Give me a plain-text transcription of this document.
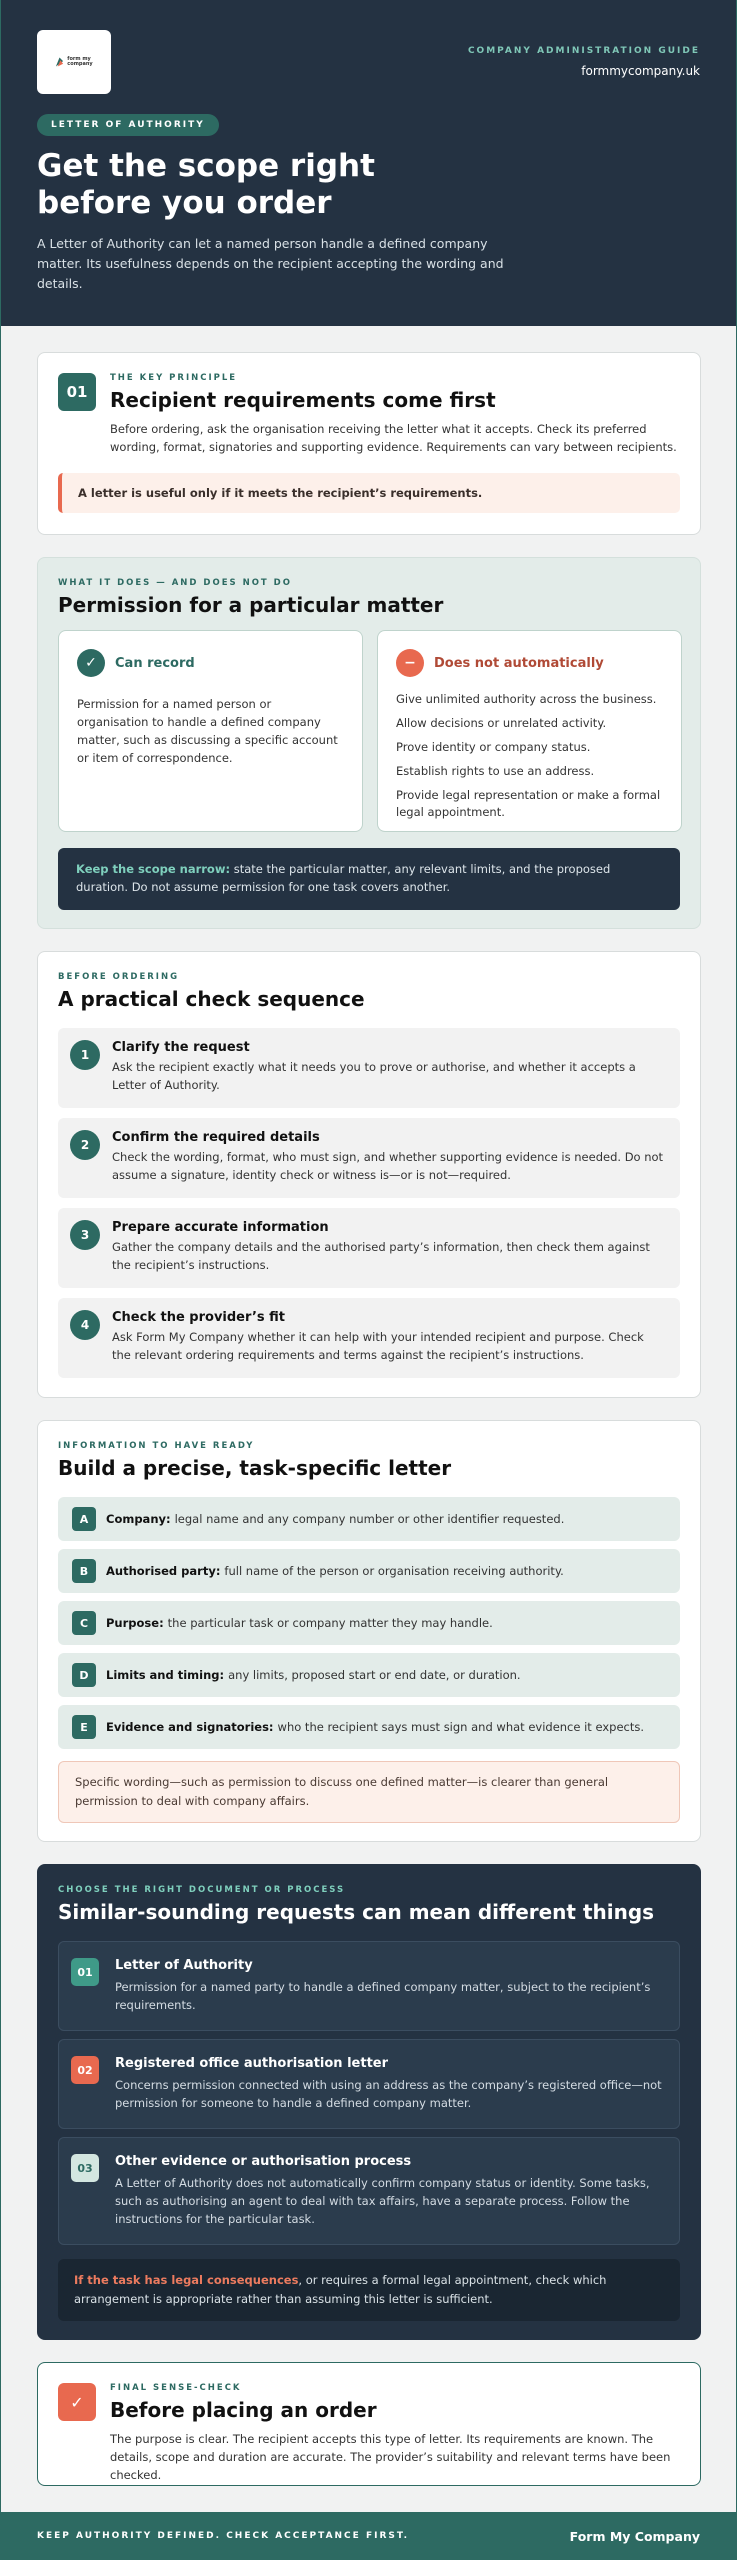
form my
company
COMPANY ADMINISTRATION GUIDE
formmycompany.uk
LETTER OF AUTHORITY
Get the scope right before you order

A Letter of Authority can let a named person handle a defined company matter. Its usefulness depends on the recipient accepting the wording and details.

01
THE KEY PRINCIPLE
Recipient requirements come first

Before ordering, ask the organisation receiving the letter what it accepts. Check its preferred wording, format, signatories and supporting evidence. Requirements can vary between recipients.

A letter is useful only if it meets the recipient’s requirements.
WHAT IT DOES — AND DOES NOT DO
Permission for a particular matter
✓	Can record

Permission for a named person or organisation to handle a defined company matter, such as discussing a specific account or item of correspondence.

−	Does not automatically
Give unlimited authority across the business.
Allow decisions or unrelated activity.
Prove identity or company status.
Establish rights to use an address.
Provide legal representation or make a formal legal appointment.
Keep the scope narrow: state the particular matter, any relevant limits, and the proposed duration. Do not assume permission for one task covers another.
BEFORE ORDERING
A practical check sequence
1	Clarify the request
Ask the recipient exactly what it needs you to prove or authorise, and whether it accepts a Letter of Authority.
2	Confirm the required details
Check the wording, format, who must sign, and whether supporting evidence is needed. Do not assume a signature, identity check or witness is—or is not—required.
3	Prepare accurate information
Gather the company details and the authorised party’s information, then check them against the recipient’s instructions.
4	Check the provider’s fit
Ask Form My Company whether it can help with your intended recipient and purpose. Check the relevant ordering requirements and terms against the recipient’s instructions.
INFORMATION TO HAVE READY
Build a precise, task-specific letter
A	Company: legal name and any company number or other identifier requested.
B	Authorised party: full name of the person or organisation receiving authority.
C	Purpose: the particular task or company matter they may handle.
D	Limits and timing: any limits, proposed start or end date, or duration.
E	Evidence and signatories: who the recipient says must sign and what evidence it expects.
Specific wording—such as permission to discuss one defined matter—is clearer than general permission to deal with company affairs.
CHOOSE THE RIGHT DOCUMENT OR PROCESS
Similar-sounding requests can mean different things
01	Letter of Authority
Permission for a named party to handle a defined company matter, subject to the recipient’s requirements.
02	Registered office authorisation letter
Concerns permission connected with using an address as the company’s registered office—not permission for someone to handle a defined company matter.
03	Other evidence or authorisation process
A Letter of Authority does not automatically confirm company status or identity. Some tasks, such as authorising an agent to deal with tax affairs, have a separate process. Follow the instructions for the particular task.
If the task has legal consequences, or requires a formal legal appointment, check which arrangement is appropriate rather than assuming this letter is sufficient.
✓
FINAL SENSE-CHECK
Before placing an order

The purpose is clear. The recipient accepts this type of letter. Its requirements are known. The details, scope and duration are accurate. The provider’s suitability and relevant terms have been checked.

KEEP AUTHORITY DEFINED. CHECK ACCEPTANCE FIRST.	Form My Company
